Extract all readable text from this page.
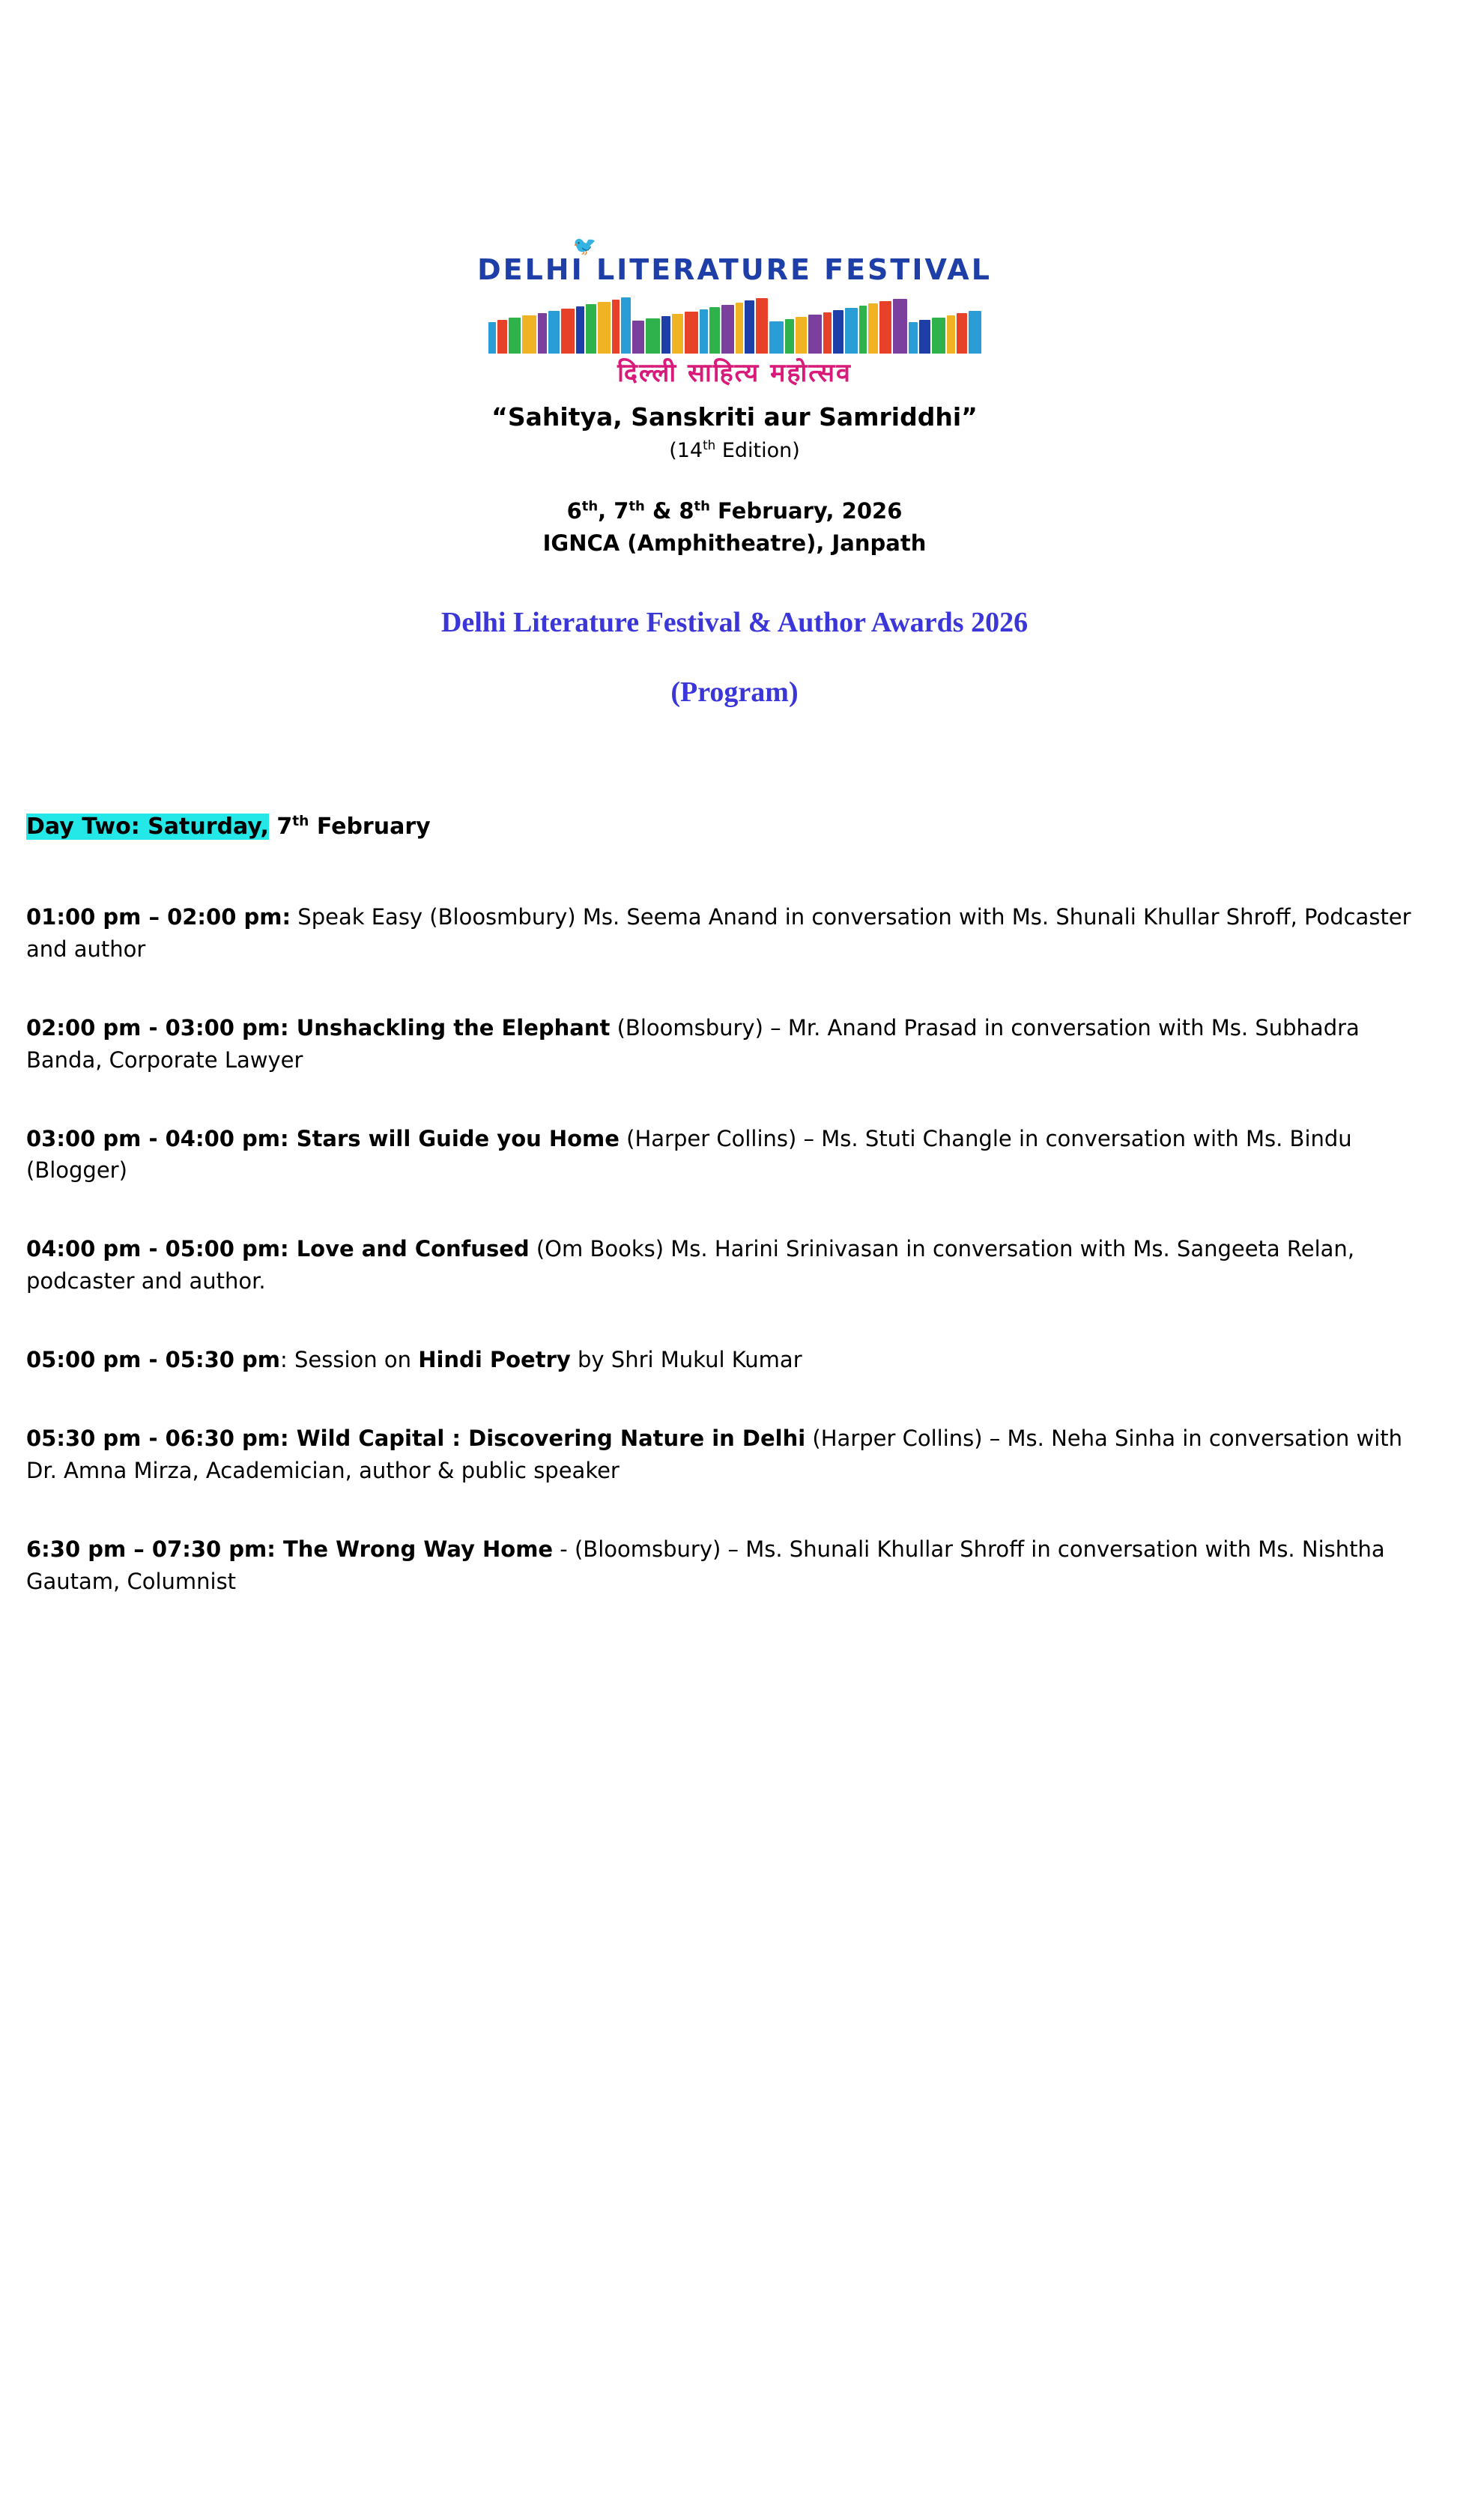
DELHI LITERATURE FESTIVAL
🐦
दिल्ली साहित्य महोत्सव
“Sahitya, Sanskriti aur Samriddhi”
(14th Edition)
6th, 7th & 8th February, 2026
IGNCA (Amphitheatre), Janpath
Delhi Literature Festival & Author Awards 2026
(Program)
Day Two: Saturday, 7th February
01:00 pm – 02:00 pm: Speak Easy (Bloosmbury) Ms. Seema Anand in conversation with Ms. Shunali Khullar Shroff, Podcaster and author
02:00 pm - 03:00 pm: Unshackling the Elephant (Bloomsbury) – Mr. Anand Prasad in conversation with Ms. Subhadra Banda, Corporate Lawyer
03:00 pm - 04:00 pm: Stars will Guide you Home (Harper Collins) – Ms. Stuti Changle in conversation with Ms. Bindu (Blogger)
04:00 pm - 05:00 pm: Love and Confused (Om Books) Ms. Harini Srinivasan in conversation with Ms. Sangeeta Relan, podcaster and author.
05:00 pm - 05:30 pm: Session on Hindi Poetry by Shri Mukul Kumar
05:30 pm - 06:30 pm: Wild Capital : Discovering Nature in Delhi (Harper Collins) – Ms. Neha Sinha in conversation with Dr. Amna Mirza, Academician, author & public speaker
6:30 pm – 07:30 pm: The Wrong Way Home - (Bloomsbury) – Ms. Shunali Khullar Shroff in conversation with Ms. Nishtha Gautam, Columnist
